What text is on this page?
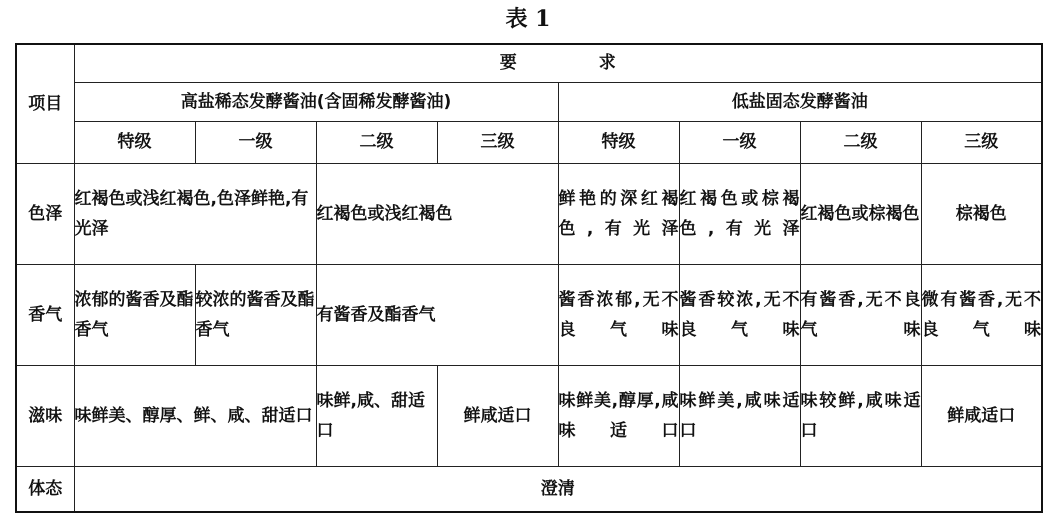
表 1
项目	要求							
	高盐稀态发酵酱油(含固稀发酵酱油)				低盐固态发酵酱油			
	特级	一级	二级	三级	特级	一级	二级	三级
色泽	红褐色或浅红褐色,色泽鲜艳,有光泽		红褐色或浅红褐色		鲜艳的深红褐色,有光泽	红褐色或棕褐色,有光泽	红褐色或棕褐色	棕褐色
香气	浓郁的酱香及酯香气	较浓的酱香及酯香气	有酱香及酯香气		酱香浓郁,无不良气味	酱香较浓,无不良气味	有酱香,无不良气味	微有酱香,无不良气味
滋味	味鲜美、醇厚、鲜、咸、甜适口		味鲜,咸、甜适口	鲜咸适口	味鲜美,醇厚,咸味适口	味鲜美,咸味适口	味较鲜,咸味适口	鲜咸适口
体态	澄清							
